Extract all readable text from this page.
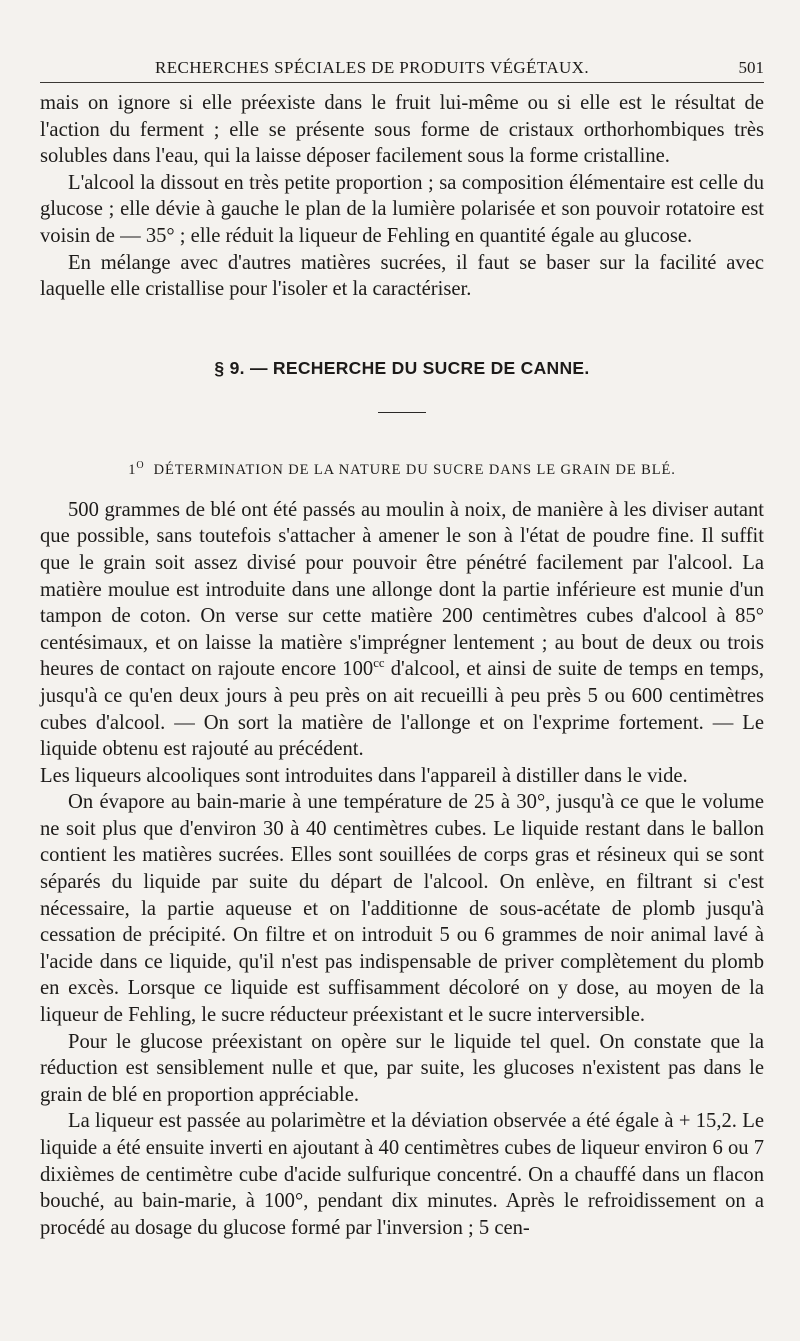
RECHERCHES SPÉCIALES DE PRODUITS VÉGÉTAUX.	501

mais on ignore si elle préexiste dans le fruit lui-même ou si elle est le résultat de l'action du ferment ; elle se présente sous forme de cristaux orthorhombiques très solubles dans l'eau, qui la laisse déposer facilement sous la forme cristalline.

L'alcool la dissout en très petite proportion ; sa composition élémentaire est celle du glucose ; elle dévie à gauche le plan de la lumière polarisée et son pouvoir rotatoire est voisin de — 35° ; elle réduit la liqueur de Fehling en quantité égale au glucose.

En mélange avec d'autres matières sucrées, il faut se baser sur la facilité avec laquelle elle cristallise pour l'isoler et la caractériser.

§ 9. — RECHERCHE DU SUCRE DE CANNE.
$1^O$ DÉTERMINATION DE LA NATURE DU SUCRE DANS LE GRAIN DE BLÉ.

500 grammes de blé ont été passés au moulin à noix, de manière à les diviser autant que possible, sans toutefois s'attacher à amener le son à l'état de poudre fine. Il suffit que le grain soit assez divisé pour pouvoir être pénétré facilement par l'alcool. La matière moulue est introduite dans une allonge dont la partie inférieure est munie d'un tampon de coton. On verse sur cette matière 200 centimètres cubes d'alcool à 85° centésimaux, et on laisse la matière s'imprégner lentement ; au bout de deux ou trois heures de contact on rajoute encore $100^{cc}$ d'alcool, et ainsi de suite de temps en temps, jusqu'à ce qu'en deux jours à peu près on ait recueilli à peu près 5 ou 600 centimètres cubes d'alcool. — On sort la matière de l'allonge et on l'exprime fortement. — Le liquide obtenu est rajouté au précédent.

Les liqueurs alcooliques sont introduites dans l'appareil à distiller dans le vide.

On évapore au bain-marie à une température de 25 à 30°, jusqu'à ce que le volume ne soit plus que d'environ 30 à 40 centimètres cubes. Le liquide restant dans le ballon contient les matières sucrées. Elles sont souillées de corps gras et résineux qui se sont séparés du liquide par suite du départ de l'alcool. On enlève, en filtrant si c'est nécessaire, la partie aqueuse et on l'additionne de sous-acétate de plomb jusqu'à cessation de précipité. On filtre et on introduit 5 ou 6 grammes de noir animal lavé à l'acide dans ce liquide, qu'il n'est pas indispensable de priver complètement du plomb en excès. Lorsque ce liquide est suffisamment décoloré on y dose, au moyen de la liqueur de Fehling, le sucre réducteur préexistant et le sucre interversible.

Pour le glucose préexistant on opère sur le liquide tel quel. On constate que la réduction est sensiblement nulle et que, par suite, les glucoses n'existent pas dans le grain de blé en proportion appréciable.

La liqueur est passée au polarimètre et la déviation observée a été égale à + 15,2. Le liquide a été ensuite inverti en ajoutant à 40 centimètres cubes de liqueur environ 6 ou 7 dixièmes de centimètre cube d'acide sulfurique concentré. On a chauffé dans un flacon bouché, au bain-marie, à 100°, pendant dix minutes. Après le refroidissement on a procédé au dosage du glucose formé par l'inversion ; 5 cen-
